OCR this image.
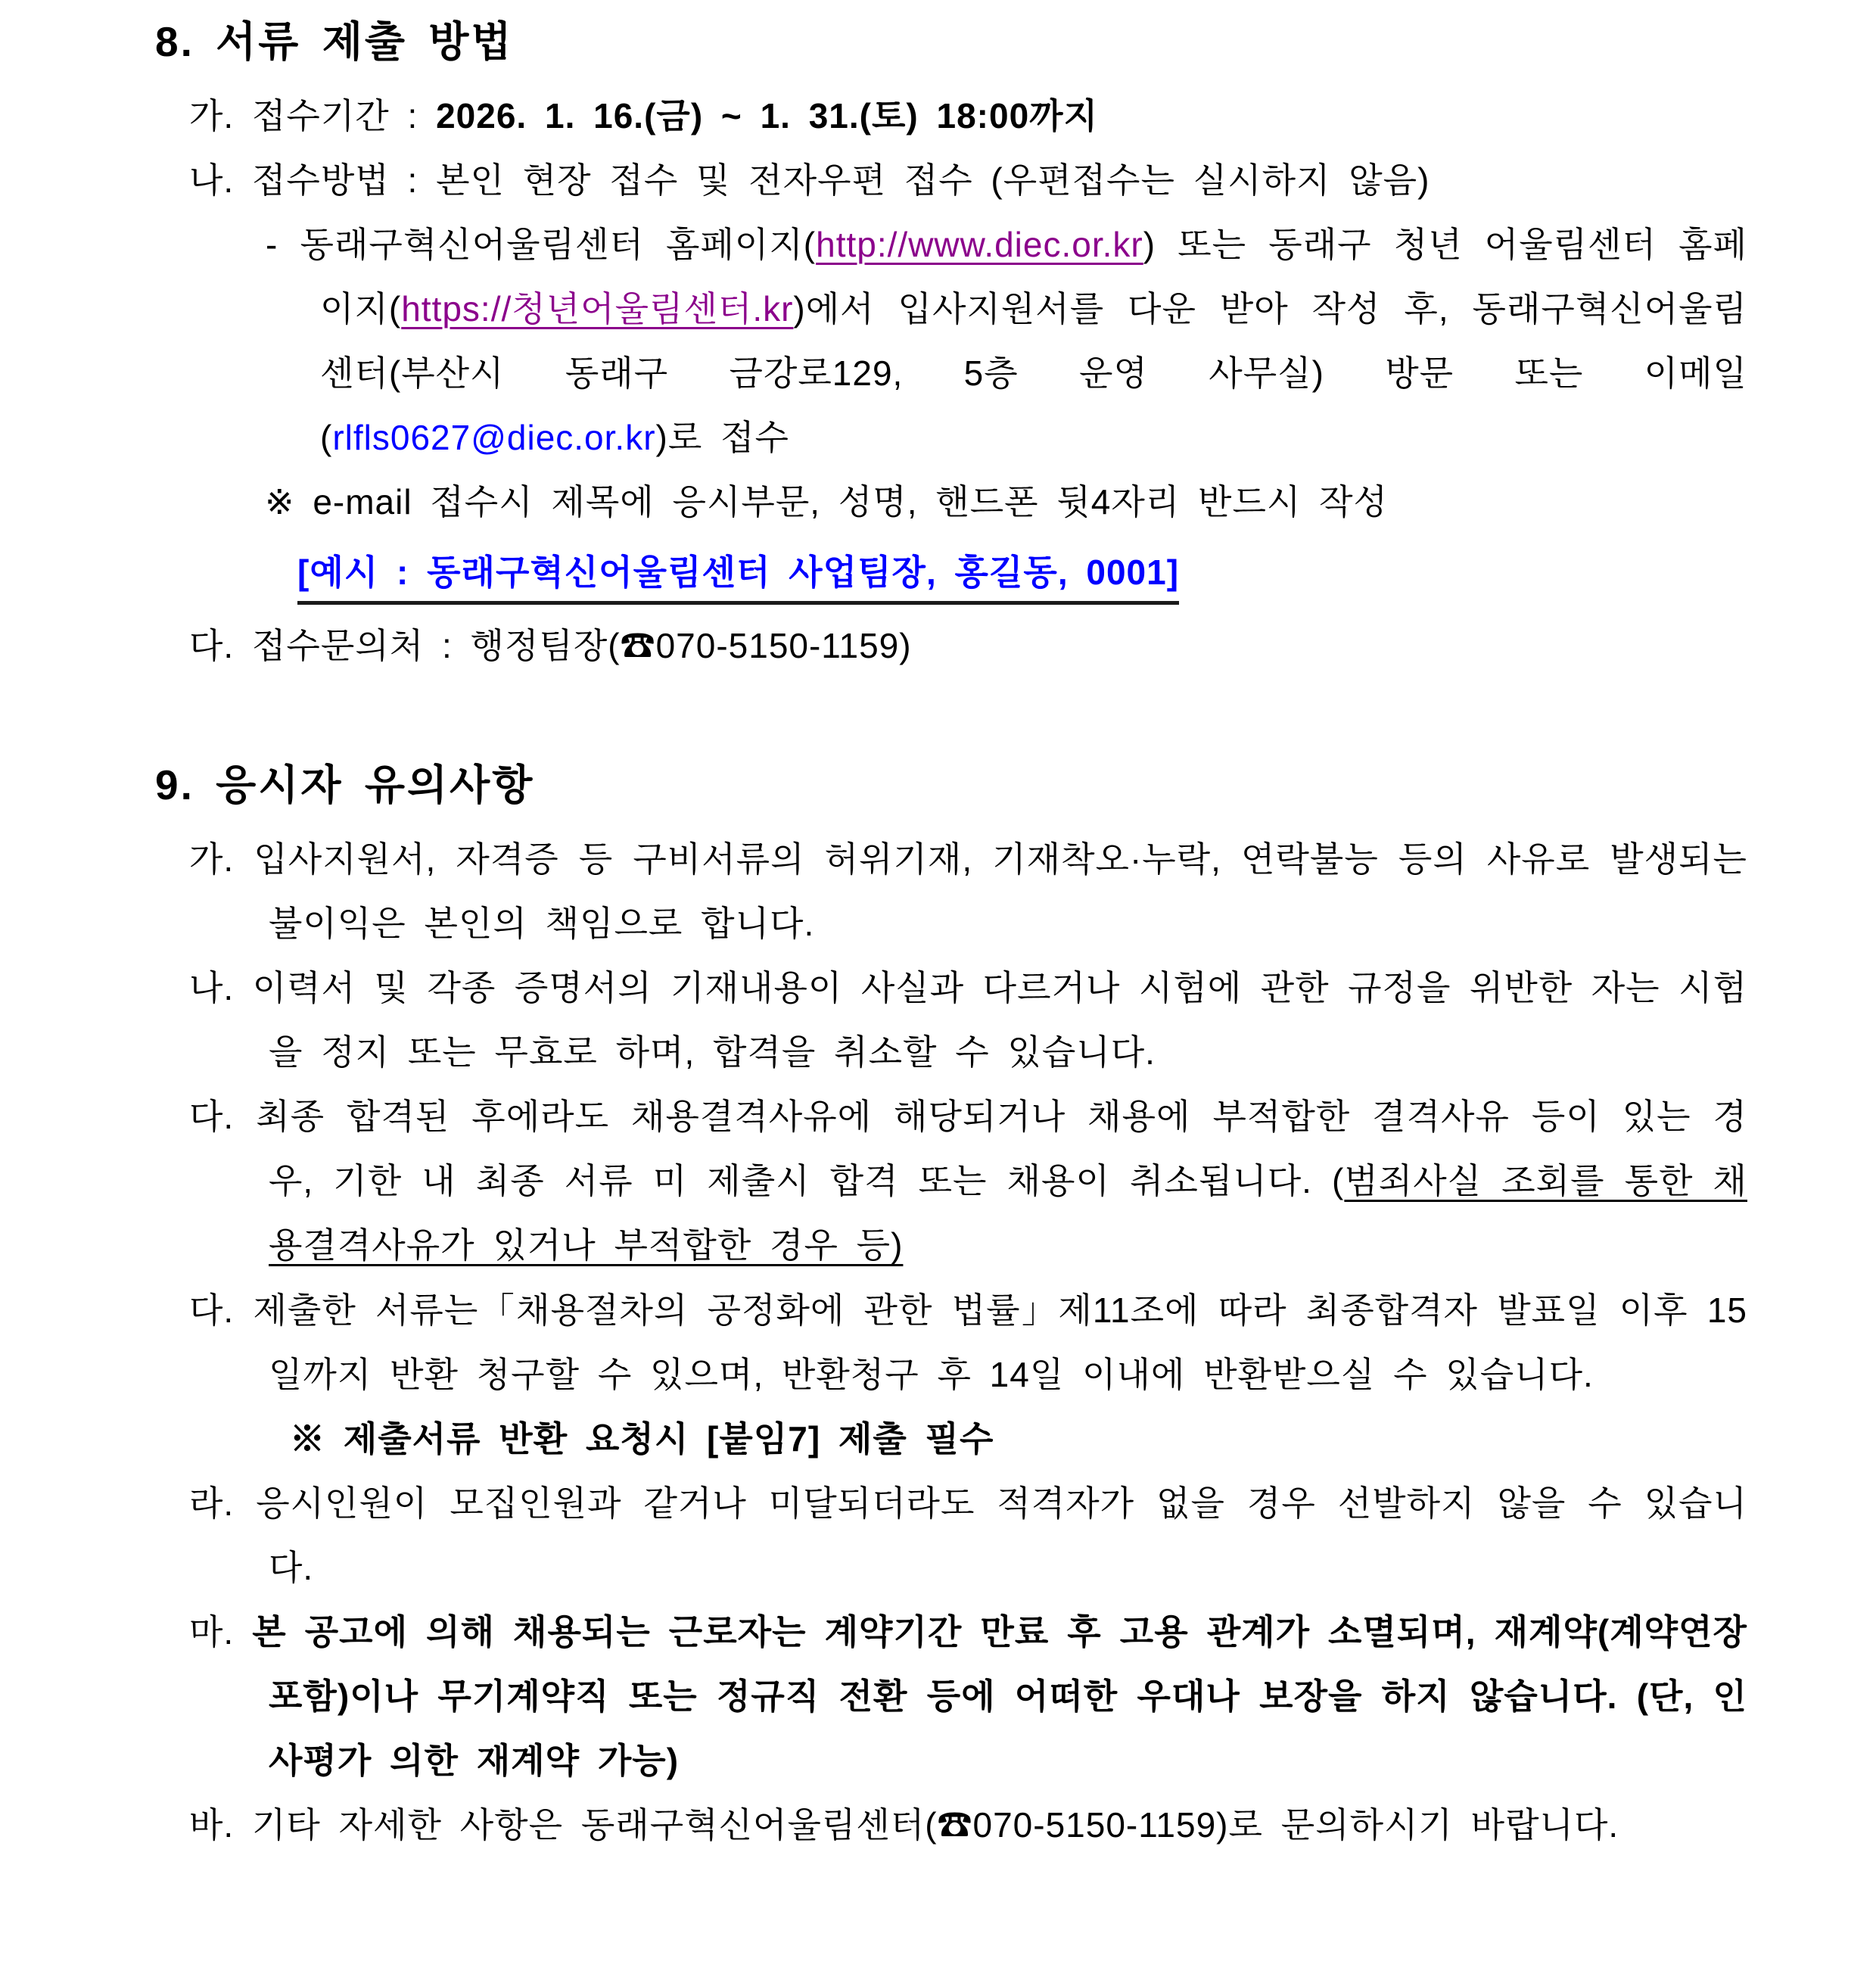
8. 서류 제출 방법

가. 접수기간 : 2026. 1. 16.(금) ~ 1. 31.(토) 18:00까지

나. 접수방법 : 본인 현장 접수 및 전자우편 접수 (우편접수는 실시하지 않음)

- 동래구혁신어울림센터 홈페이지(http://www.diec.or.kr) 또는 동래구 청년 어울림센터 홈페이지(https://청년어울림센터.kr)에서 입사지원서를 다운 받아 작성 후, 동래구혁신어울림센터(부산시 동래구 금강로129, 5층 운영 사무실) 방문 또는 이메일(rlfls0627@diec.or.kr)로 접수

※ e-mail 접수시 제목에 응시부문, 성명, 핸드폰 뒷4자리 반드시 작성

[예시 : 동래구혁신어울림센터 사업팀장, 홍길동, 0001]

다. 접수문의처 : 행정팀장(☎070-5150-1159)

9. 응시자 유의사항

가. 입사지원서, 자격증 등 구비서류의 허위기재, 기재착오·누락, 연락불능 등의 사유로 발생되는 불이익은 본인의 책임으로 합니다.

나. 이력서 및 각종 증명서의 기재내용이 사실과 다르거나 시험에 관한 규정을 위반한 자는 시험을 정지 또는 무효로 하며, 합격을 취소할 수 있습니다.

다. 최종 합격된 후에라도 채용결격사유에 해당되거나 채용에 부적합한 결격사유 등이 있는 경우, 기한 내 최종 서류 미 제출시 합격 또는 채용이 취소됩니다. (범죄사실 조회를 통한 채용결격사유가 있거나 부적합한 경우 등)

다. 제출한 서류는「채용절차의 공정화에 관한 법률」제11조에 따라 최종합격자 발표일 이후 15일까지 반환 청구할 수 있으며, 반환청구 후 14일 이내에 반환받으실 수 있습니다.

※ 제출서류 반환 요청시 [붙임7] 제출 필수

라. 응시인원이 모집인원과 같거나 미달되더라도 적격자가 없을 경우 선발하지 않을 수 있습니다.

마. 본 공고에 의해 채용되는 근로자는 계약기간 만료 후 고용 관계가 소멸되며, 재계약(계약연장 포함)이나 무기계약직 또는 정규직 전환 등에 어떠한 우대나 보장을 하지 않습니다. (단, 인사평가 의한 재계약 가능)

바. 기타 자세한 사항은 동래구혁신어울림센터(☎070-5150-1159)로 문의하시기 바랍니다.
